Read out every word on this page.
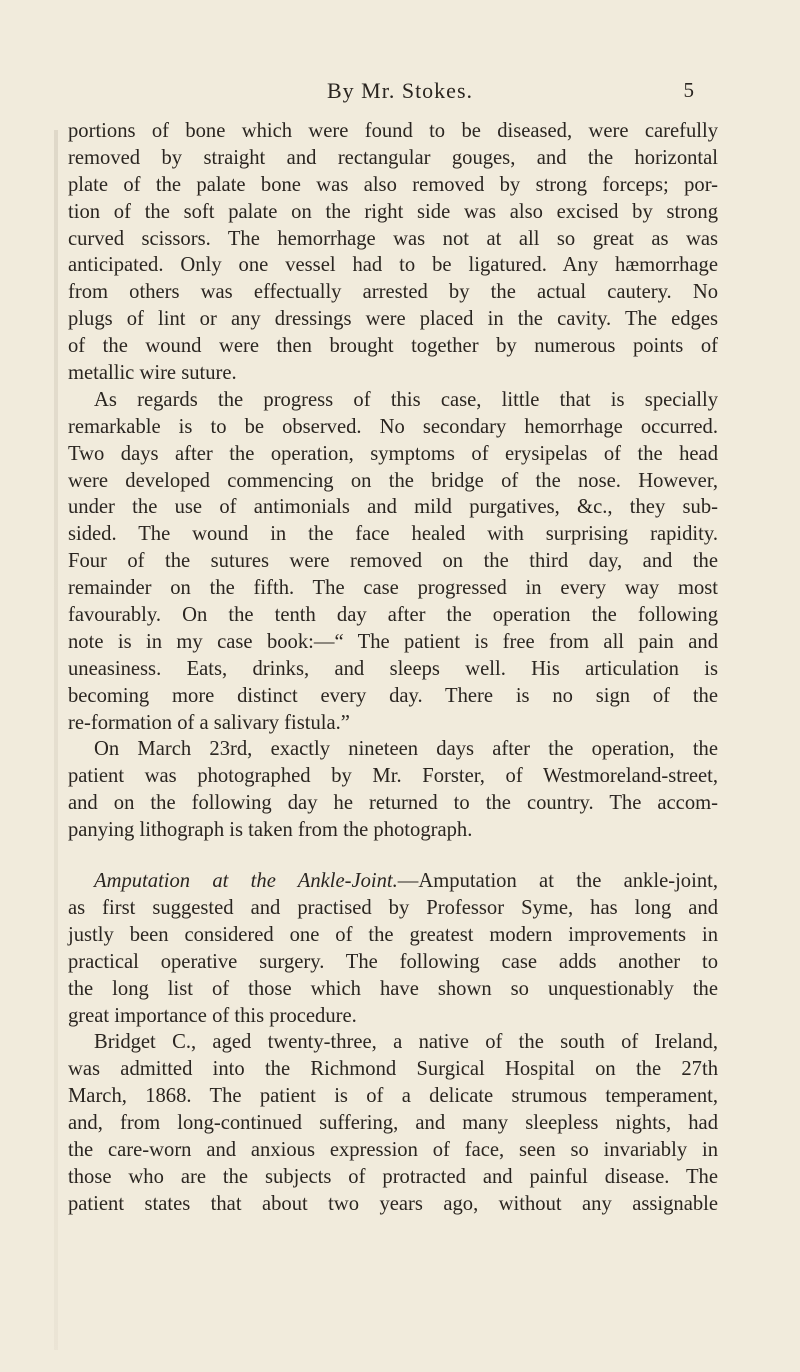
By Mr. Stokes.	5
portions of bone which were found to be diseased, were carefully
removed by straight and rectangular gouges, and the horizontal
plate of the palate bone was also removed by strong forceps; por-
tion of the soft palate on the right side was also excised by strong
curved scissors. The hemorrhage was not at all so great as was
anticipated. Only one vessel had to be ligatured. Any hæmorrhage
from others was effectually arrested by the actual cautery. No
plugs of lint or any dressings were placed in the cavity. The edges
of the wound were then brought together by numerous points of
metallic wire suture.
As regards the progress of this case, little that is specially
remarkable is to be observed. No secondary hemorrhage occurred.
Two days after the operation, symptoms of erysipelas of the head
were developed commencing on the bridge of the nose. However,
under the use of antimonials and mild purgatives, &c., they sub-
sided. The wound in the face healed with surprising rapidity.
Four of the sutures were removed on the third day, and the
remainder on the fifth. The case progressed in every way most
favourably. On the tenth day after the operation the following
note is in my case book:—“ The patient is free from all pain and
uneasiness. Eats, drinks, and sleeps well. His articulation is
becoming more distinct every day. There is no sign of the
re-formation of a salivary fistula.”
On March 23rd, exactly nineteen days after the operation, the
patient was photographed by Mr. Forster, of Westmoreland-street,
and on the following day he returned to the country. The accom-
panying lithograph is taken from the photograph.
Amputation at the Ankle-Joint.—Amputation at the ankle-joint,
as first suggested and practised by Professor Syme, has long and
justly been considered one of the greatest modern improvements in
practical operative surgery. The following case adds another to
the long list of those which have shown so unquestionably the
great importance of this procedure.
Bridget C., aged twenty-three, a native of the south of Ireland,
was admitted into the Richmond Surgical Hospital on the 27th
March, 1868. The patient is of a delicate strumous temperament,
and, from long-continued suffering, and many sleepless nights, had
the care-worn and anxious expression of face, seen so invariably in
those who are the subjects of protracted and painful disease. The
patient states that about two years ago, without any assignable
